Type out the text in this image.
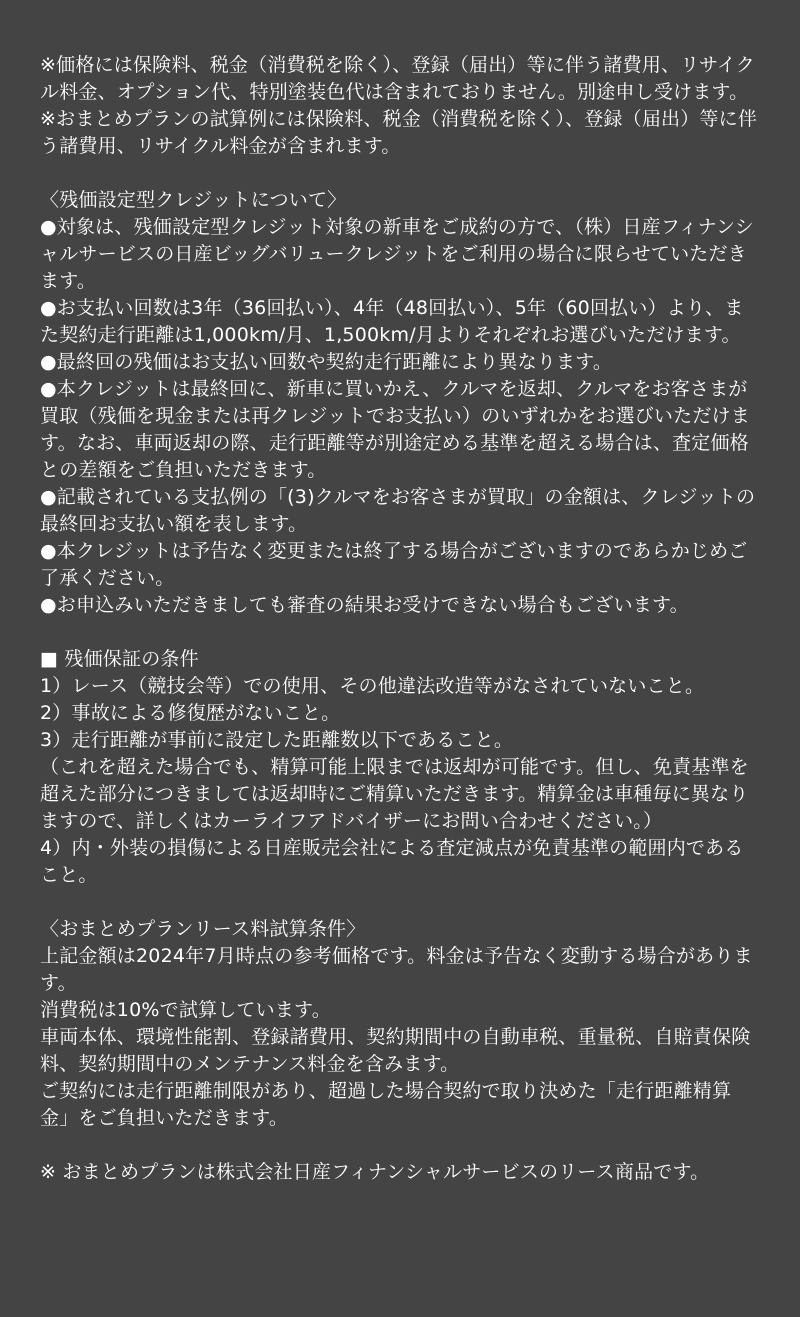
※価格には保険料、税金（消費税を除く）、登録（届出）等に伴う諸費用、リサイクル料金、オプション代、特別塗装色代は含まれておりません。別途申し受けます。

※おまとめプランの試算例には保険料、税金（消費税を除く）、登録（届出）等に伴う諸費用、リサイクル料金が含まれます。

〈残価設定型クレジットについて〉

●対象は、残価設定型クレジット対象の新車をご成約の方で、（株）日産フィナンシャルサービスの日産ビッグバリュークレジットをご利用の場合に限らせていただきます。

●お支払い回数は3年（36回払い）、4年（48回払い）、5年（60回払い）より、また契約走行距離は1,000km/月、1,500km/月よりそれぞれお選びいただけます。

●最終回の残価はお支払い回数や契約走行距離により異なります。

●本クレジットは最終回に、新車に買いかえ、クルマを返却、クルマをお客さまが買取（残価を現金または再クレジットでお支払い）のいずれかをお選びいただけます。なお、車両返却の際、走行距離等が別途定める基準を超える場合は、査定価格との差額をご負担いただきます。

●記載されている支払例の「(3)クルマをお客さまが買取」の金額は、クレジットの最終回お支払い額を表します。

●本クレジットは予告なく変更または終了する場合がございますのであらかじめご了承ください。

●お申込みいただきましても審査の結果お受けできない場合もございます。

■ 残価保証の条件

1）レース（競技会等）での使用、その他違法改造等がなされていないこと。

2）事故による修復歴がないこと。

3）走行距離が事前に設定した距離数以下であること。

（これを超えた場合でも、精算可能上限までは返却が可能です。但し、免責基準を超えた部分につきましては返却時にご精算いただきます。精算金は車種毎に異なりますので、詳しくはカーライフアドバイザーにお問い合わせください。）

4）内・外装の損傷による日産販売会社による査定減点が免責基準の範囲内であること。

〈おまとめプランリース料試算条件〉

上記金額は2024年7月時点の参考価格です。料金は予告なく変動する場合があります。

消費税は10%で試算しています。

車両本体、環境性能割、登録諸費用、契約期間中の自動車税、重量税、自賠責保険料、契約期間中のメンテナンス料金を含みます。

ご契約には走行距離制限があり、超過した場合契約で取り決めた「走行距離精算金」をご負担いただきます。

※ おまとめプランは株式会社日産フィナンシャルサービスのリース商品です。
